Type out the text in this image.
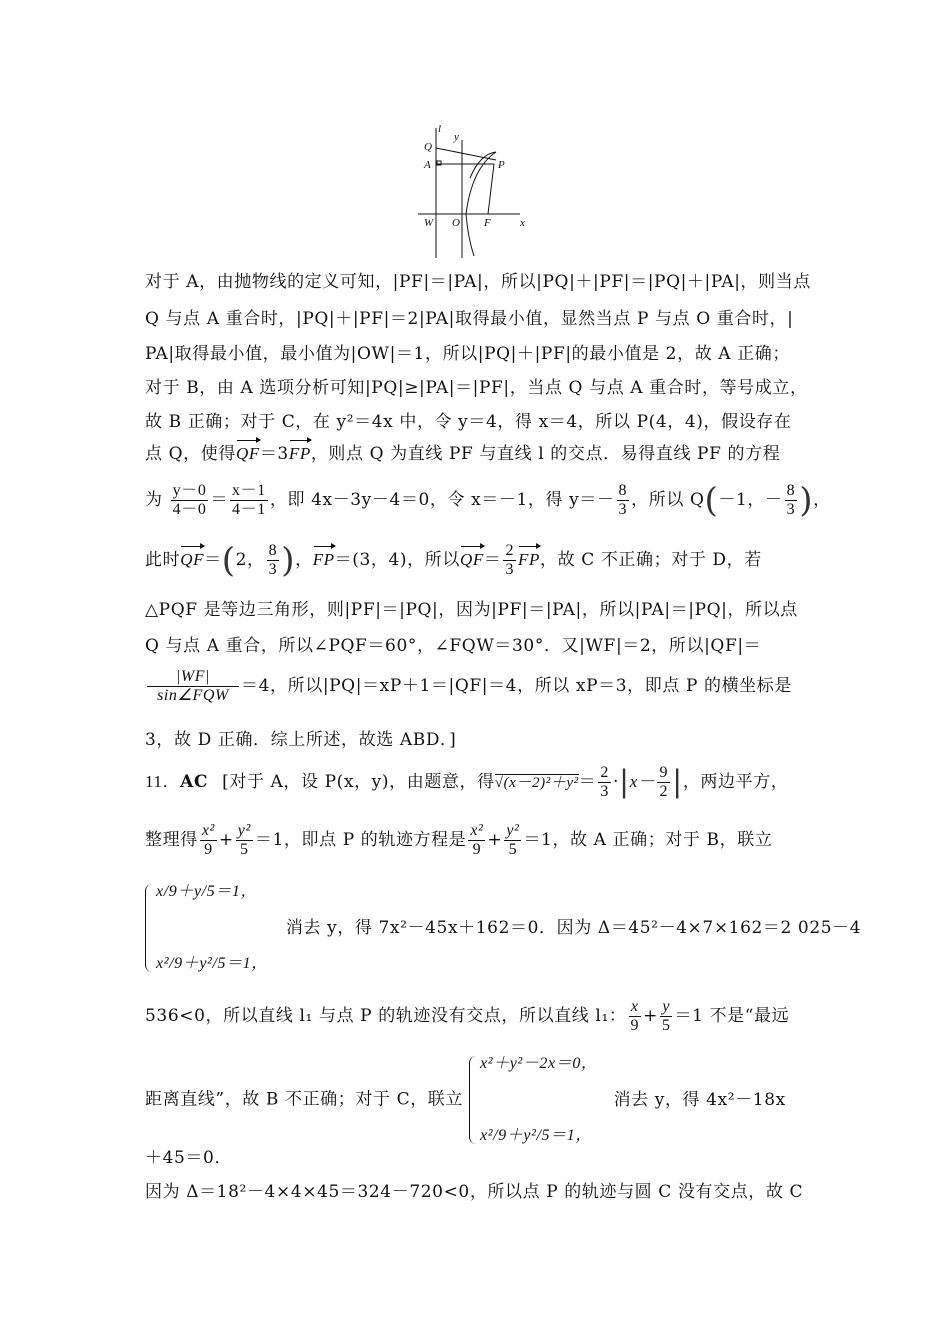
l
y
Q
A	P
W O F	x
对于 A，由抛物线的定义可知，|PF|＝|PA|，所以|PQ|＋|PF|＝|PQ|＋|PA|，则当点
Q 与点 A 重合时，|PQ|＋|PF|＝2|PA|取得最小值，显然当点 P 与点 O 重合时，|
PA|取得最小值，最小值为|OW|＝1，所以|PQ|＋|PF|的最小值是 2，故 A 正确；
对于 B，由 A 选项分析可知|PQ|≥|PA|＝|PF|，当点 Q 与点 A 重合时，等号成立，
故 B 正确；对于 C，在 y²＝4x 中，令 y＝4，得 x＝4，所以 P(4，4)，假设存在
点 Q，使得QF＝3FP，则点 Q 为直线 PF 与直线 l 的交点．易得直线 PF 的方程
为 $\frac{y-0}{4-0} = \frac{x-1}{4-1}$ ，即 4x－3y－4＝0，令 x＝－1，得 $y=- \frac{8}{3}$ ，所以 Q(－1，－ $\frac{8}{3}$ )，
此时QF＝(2， $\frac{8}{3}$ )，FP＝(3，4)，所以$QF= \frac{2}{3}$ FP，故 C 不正确；对于 D，若
△PQF 是等边三角形，则|PF|＝|PQ|，因为|PF|＝|PA|，所以|PA|＝|PQ|，所以点
Q 与点 A 重合，所以∠PQF＝60°，∠FQW＝30°．又|WF|＝2，所以|QF|＝
$\frac{|WF|}{\text{sin∠FQW}} =4$，所以|PQ|＝xP＋1＝|QF|＝4，所以 xP＝3，即点 P 的横坐标是
3，故 D 正确．综上所述，故选 ABD．]
11．AC [对于 A，设 P(x，y)，由题意，得$√(x-2)^2+y^2= \frac{2}{3} \cdot|x- \frac{9}{2}$ |，两边平方，
整理得 $\frac{\text{x²}}{9} + \frac{\text{y²}}{5} =1$，即点 P 的轨迹方程是 $\frac{\text{x²}}{9} + \frac{\text{y²}}{5} =1$，故 A 正确；对于 B，联立
x/9＋y/5＝1，
x²/9＋y²/5＝1，
消去 y，得 7x²－45x＋162＝0．因为 Δ＝45²－4×7×162＝2 025－4
536<0，所以直线 l₁ 与点 P 的轨迹没有交点，所以直线 l₁： $\frac{x}{9} + \frac{y}{5} =1$ 不是“最远
距离直线”，故 B 不正确；对于 C，联立
x²＋y²－2x＝0，
x²/9＋y²/5＝1，
消去 y，得 4x²－18x
＋45＝0．
因为 Δ＝18²－4×4×45＝324－720<0，所以点 P 的轨迹与圆 C 没有交点，故 C
